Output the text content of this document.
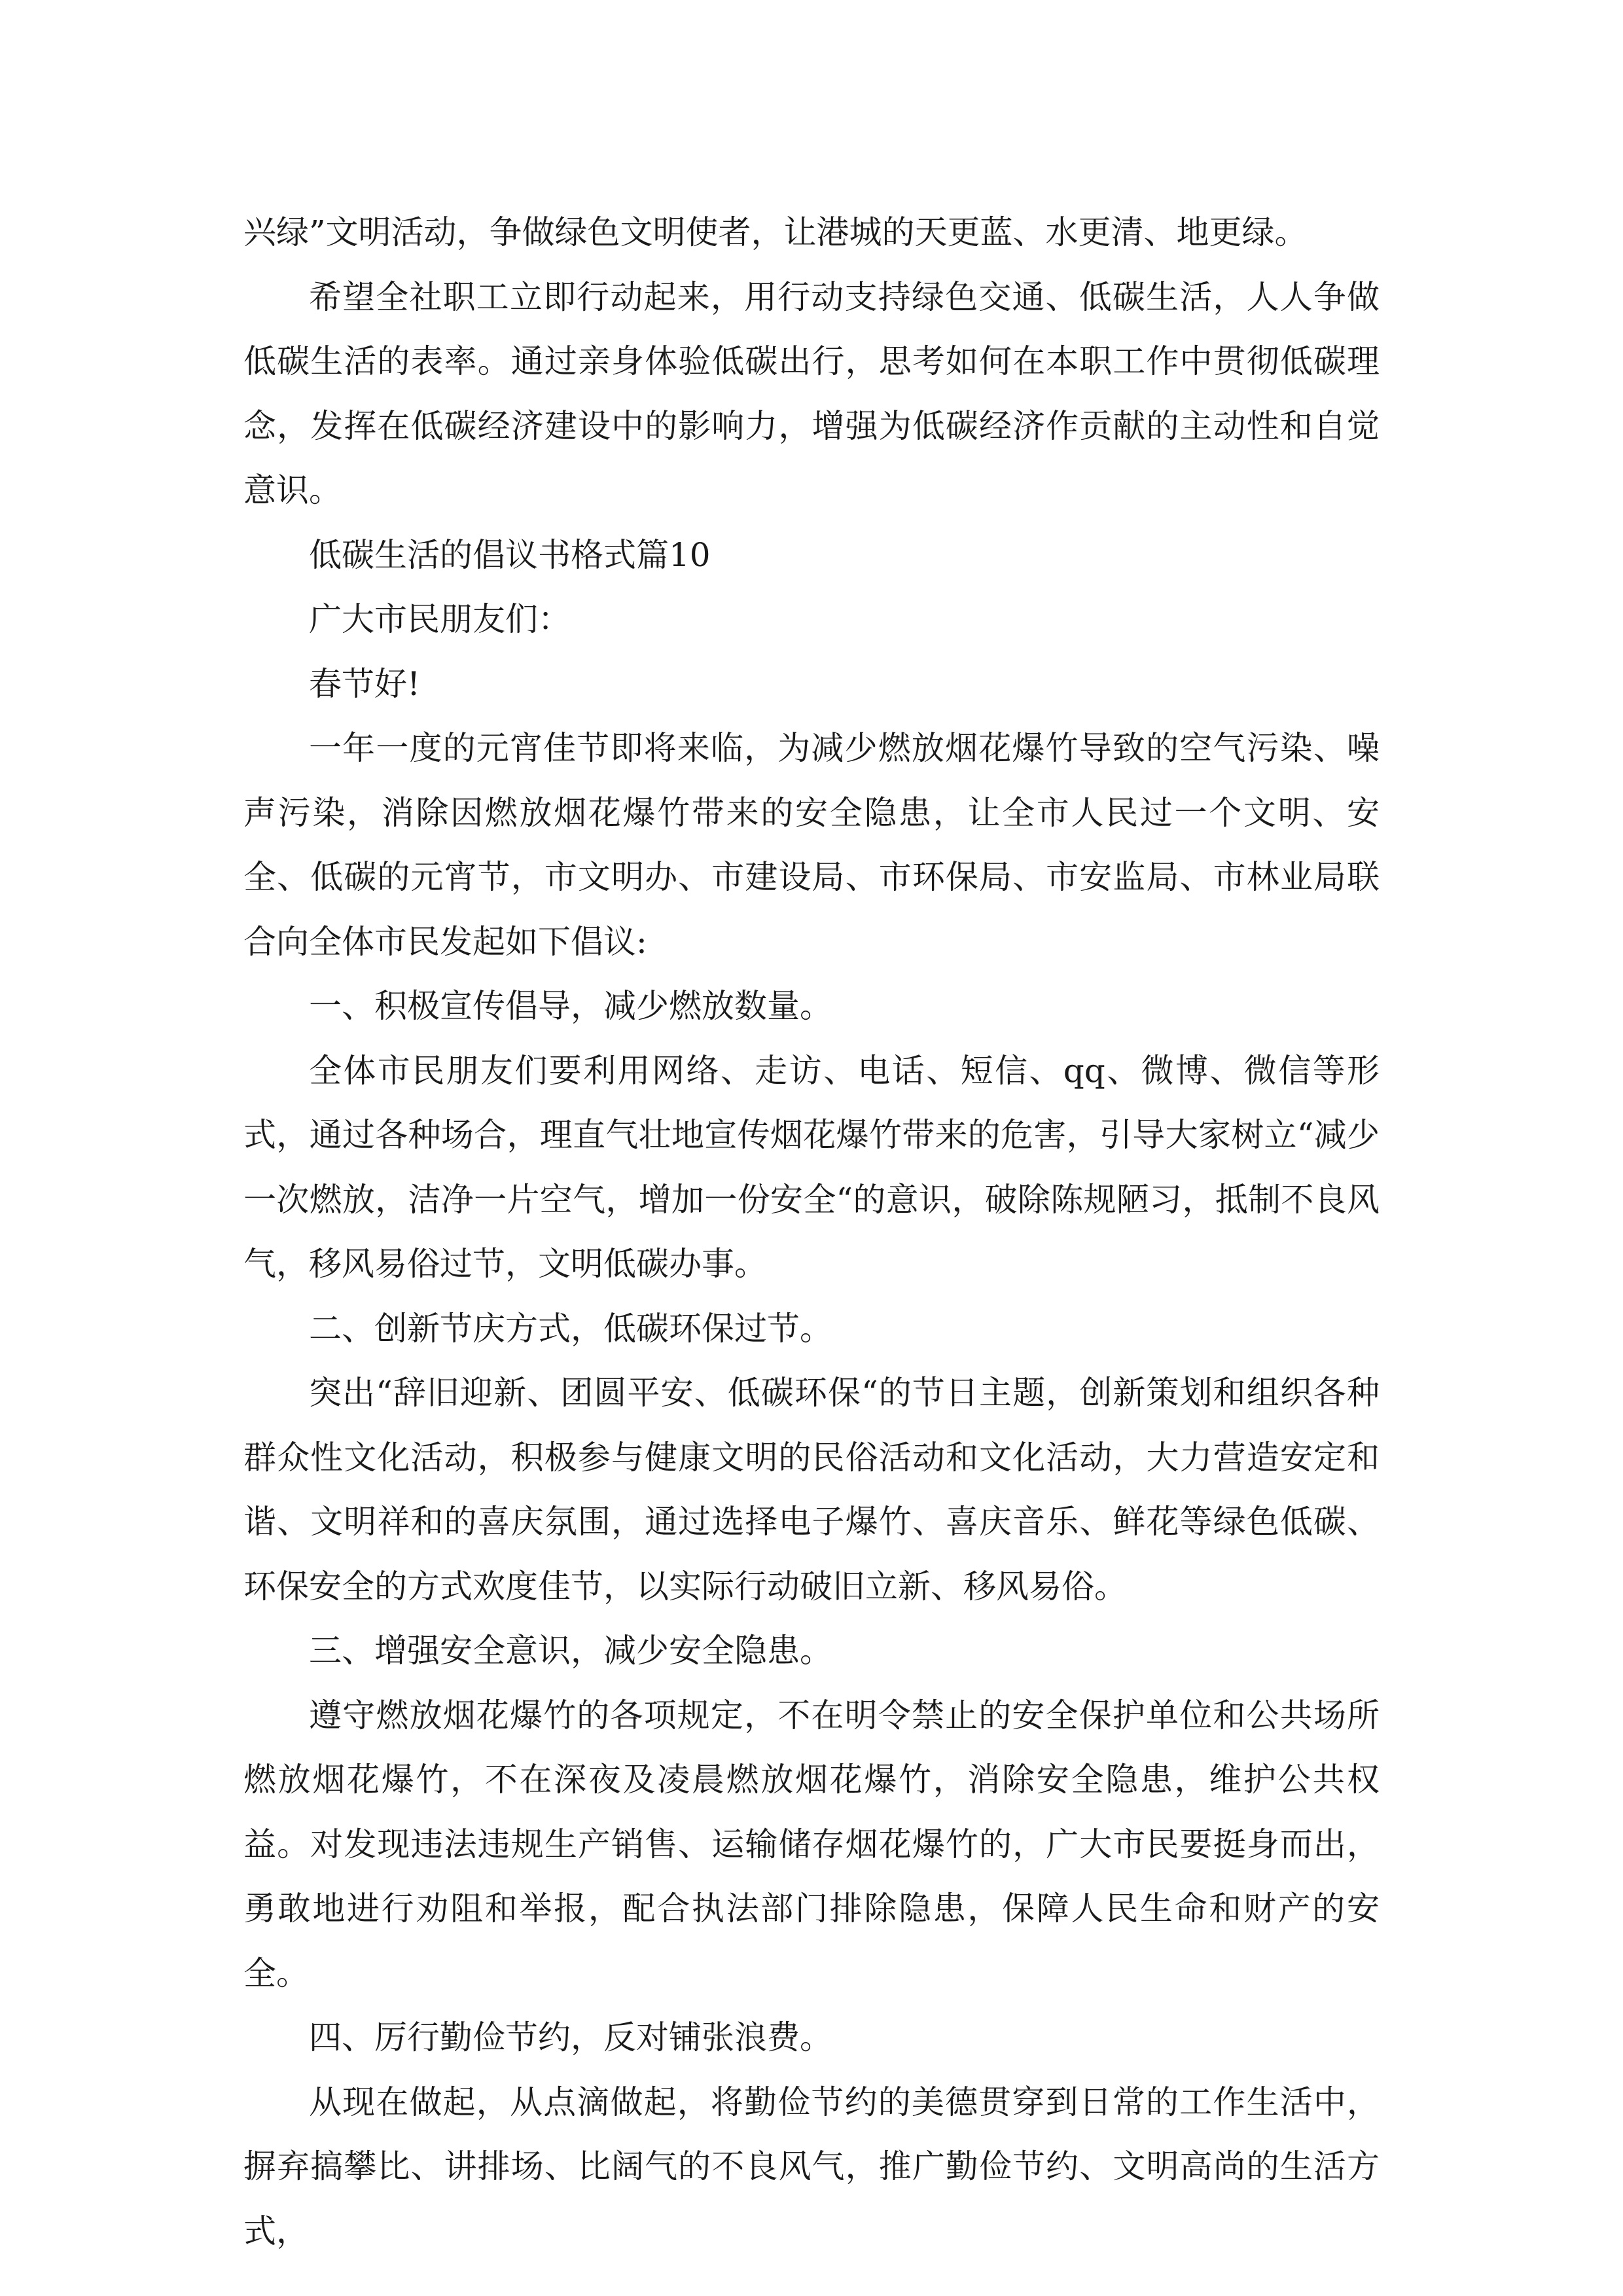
兴绿”文明活动，争做绿色文明使者，让港城的天更蓝、水更清、地更绿。

希望全社职工立即行动起来，用行动支持绿色交通、低碳生活，人人争做低碳生活的表率。通过亲身体验低碳出行，思考如何在本职工作中贯彻低碳理念，发挥在低碳经济建设中的影响力，增强为低碳经济作贡献的主动性和自觉意识。

低碳生活的倡议书格式篇10

广大市民朋友们：

春节好!

一年一度的元宵佳节即将来临，为减少燃放烟花爆竹导致的空气污染、噪声污染，消除因燃放烟花爆竹带来的安全隐患，让全市人民过一个文明、安全、低碳的元宵节，市文明办、市建设局、市环保局、市安监局、市林业局联合向全体市民发起如下倡议:

一、积极宣传倡导，减少燃放数量。

全体市民朋友们要利用网络、走访、电话、短信、qq、微博、微信等形式，通过各种场合，理直气壮地宣传烟花爆竹带来的危害，引导大家树立“减少一次燃放，洁净一片空气，增加一份安全“的意识，破除陈规陋习，抵制不良风气，移风易俗过节，文明低碳办事。

二、创新节庆方式，低碳环保过节。

突出“辞旧迎新、团圆平安、低碳环保“的节日主题，创新策划和组织各种群众性文化活动，积极参与健康文明的民俗活动和文化活动，大力营造安定和谐、文明祥和的喜庆氛围，通过选择电子爆竹、喜庆音乐、鲜花等绿色低碳、环保安全的方式欢度佳节，以实际行动破旧立新、移风易俗。

三、增强安全意识，减少安全隐患。

遵守燃放烟花爆竹的各项规定，不在明令禁止的安全保护单位和公共场所燃放烟花爆竹，不在深夜及凌晨燃放烟花爆竹，消除安全隐患，维护公共权益。对发现违法违规生产销售、运输储存烟花爆竹的，广大市民要挺身而出，勇敢地进行劝阻和举报，配合执法部门排除隐患，保障人民生命和财产的安全。

四、厉行勤俭节约，反对铺张浪费。

从现在做起，从点滴做起，将勤俭节约的美德贯穿到日常的工作生活中，摒弃搞攀比、讲排场、比阔气的不良风气，推广勤俭节约、文明高尚的生活方式，
